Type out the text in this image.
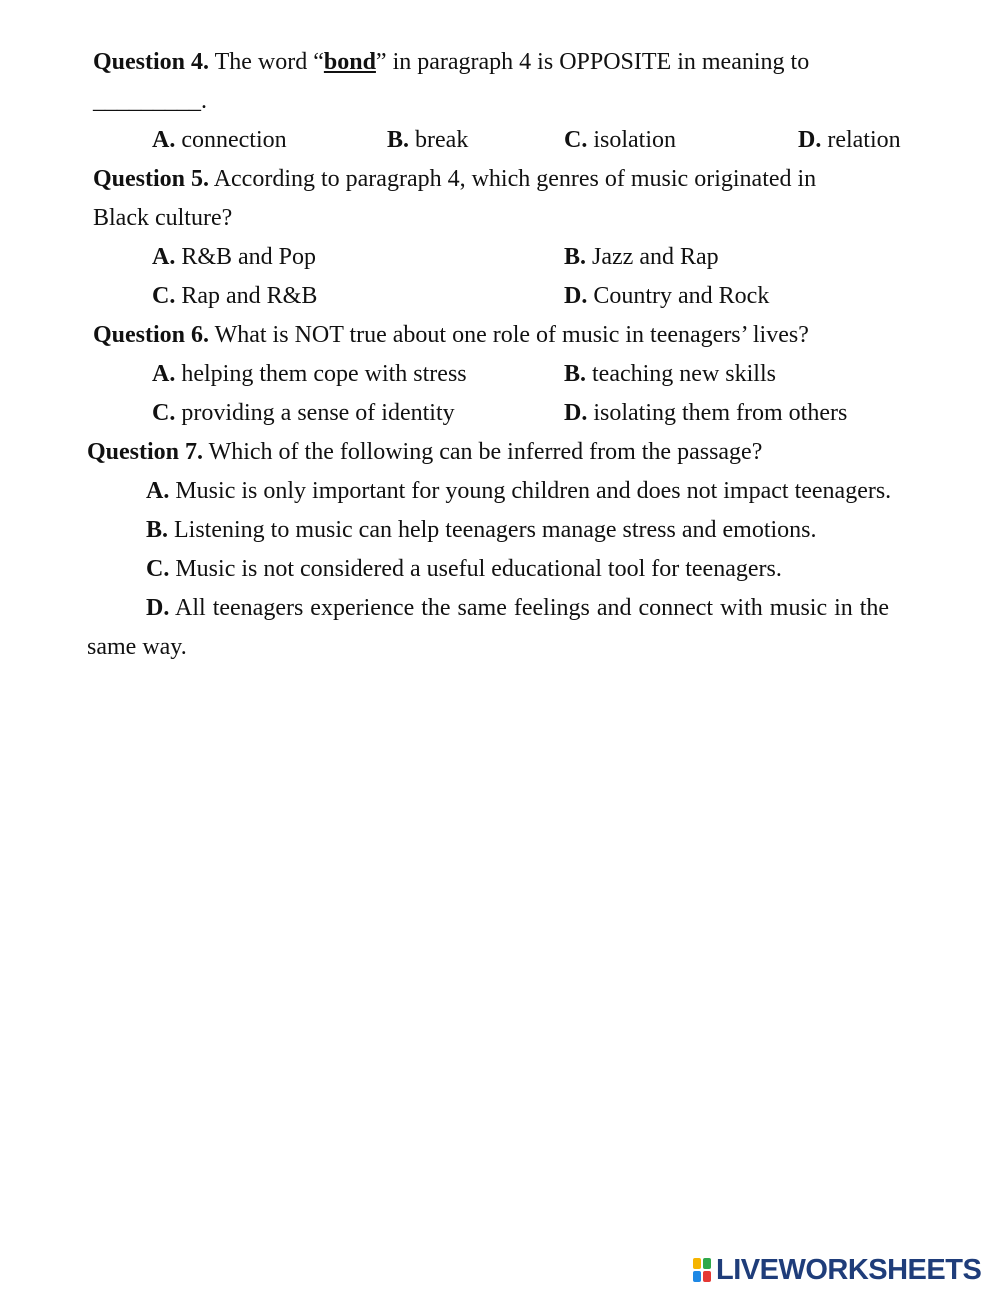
Question 4. The word “bond” in paragraph 4 is OPPOSITE in meaning to
_________.
A. connection	B. break	C. isolation	D. relation
Question 5. According to paragraph 4, which genres of music originated in
Black culture?
A. R&B and Pop	B. Jazz and Rap
C. Rap and R&B	D. Country and Rock
Question 6. What is NOT true about one role of music in teenagers’ lives?
A. helping them cope with stress	B. teaching new skills
C. providing a sense of identity	D. isolating them from others
Question 7. Which of the following can be inferred from the passage?
A. Music is only important for young children and does not impact teenagers.
B. Listening to music can help teenagers manage stress and emotions.
C. Music is not considered a useful educational tool for teenagers.
D. All teenagers experience the same feelings and connect with music in the
same way.
LIVEWORKSHEETS
